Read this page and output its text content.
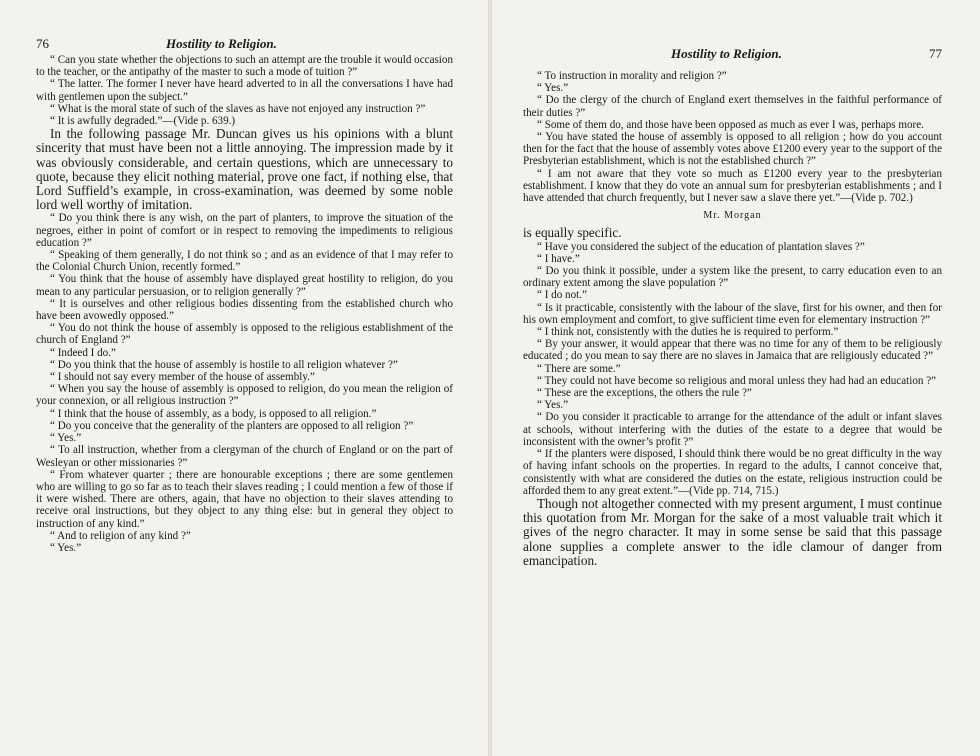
76	Hostility to Religion.

“ Can you state whether the objections to such an attempt are the trouble it would occasion to the teacher, or the antipathy of the master to such a mode of tuition ?”

“ The latter. The former I never have heard adverted to in all the conversations I have had with gentlemen upon the subject.”

“ What is the moral state of such of the slaves as have not enjoyed any instruction ?”

“ It is awfully degraded.”—(Vide p. 639.)

In the following passage Mr. Duncan gives us his opinions with a blunt sincerity that must have been not a little annoying. The impression made by it was obviously considerable, and certain questions, which are unnecessary to quote, because they elicit nothing material, prove one fact, if nothing else, that Lord Suffield’s example, in cross-examination, was deemed by some noble lord well worthy of imitation.

“ Do you think there is any wish, on the part of planters, to improve the situation of the negroes, either in point of comfort or in respect to removing the impediments to religious education ?”

“ Speaking of them generally, I do not think so ; and as an evidence of that I may refer to the Colonial Church Union, recently formed.”

“ You think that the house of assembly have displayed great hostility to religion, do you mean to any particular persuasion, or to religion generally ?”

“ It is ourselves and other religious bodies dissenting from the established church who have been avowedly opposed.”

“ You do not think the house of assembly is opposed to the religious establishment of the church of England ?”

“ Indeed I do.”

“ Do you think that the house of assembly is hostile to all religion whatever ?”

“ I should not say every member of the house of assembly.”

“ When you say the house of assembly is opposed to religion, do you mean the religion of your connexion, or all religious instruction ?”

“ I think that the house of assembly, as a body, is opposed to all religion.”

“ Do you conceive that the generality of the planters are opposed to all religion ?”

“ Yes.”

“ To all instruction, whether from a clergyman of the church of England or on the part of Wesleyan or other missionaries ?”

“ From whatever quarter ; there are honourable exceptions ; there are some gentlemen who are willing to go so far as to teach their slaves reading ; I could mention a few of those if it were wished. There are others, again, that have no objection to their slaves attending to receive oral instructions, but they object to any thing else: but in general they object to instruction of any kind.”

“ And to religion of any kind ?”

“ Yes.”

Hostility to Religion.	77

“ To instruction in morality and religion ?”

“ Yes.”

“ Do the clergy of the church of England exert themselves in the faithful performance of their duties ?”

“ Some of them do, and those have been opposed as much as ever I was, perhaps more.

“ You have stated the house of assembly is opposed to all religion ; how do you account then for the fact that the house of assembly votes above £1200 every year to the support of the Presbyterian establishment, which is not the established church ?”

“ I am not aware that they vote so much as £1200 every year to the presbyterian establishment. I know that they do vote an annual sum for presbyterian establishments ; and I have attended that church frequently, but I never saw a slave there yet.”—(Vide p. 702.)

Mr. Morgan

is equally specific.

“ Have you considered the subject of the education of plantation slaves ?”

“ I have.”

“ Do you think it possible, under a system like the present, to carry education even to an ordinary extent among the slave population ?”

“ I do not.”

“ Is it practicable, consistently with the labour of the slave, first for his owner, and then for his own employment and comfort, to give sufficient time even for elementary instruction ?”

“ I think not, consistently with the duties he is required to perform.”

“ By your answer, it would appear that there was no time for any of them to be religiously educated ; do you mean to say there are no slaves in Jamaica that are religiously educated ?”

“ There are some.”

“ They could not have become so religious and moral unless they had had an education ?”

“ These are the exceptions, the others the rule ?”

“ Yes.”

“ Do you consider it practicable to arrange for the attendance of the adult or infant slaves at schools, without interfering with the duties of the estate to a degree that would be inconsistent with the owner’s profit ?”

“ If the planters were disposed, I should think there would be no great difficulty in the way of having infant schools on the properties. In regard to the adults, I cannot conceive that, consistently with what are considered the duties on the estate, religious instruction could be afforded them to any great extent.”—(Vide pp. 714, 715.)

Though not altogether connected with my present argument, I must continue this quotation from Mr. Morgan for the sake of a most valuable trait which it gives of the negro character. It may in some sense be said that this passage alone supplies a complete answer to the idle clamour of danger from emancipation.
